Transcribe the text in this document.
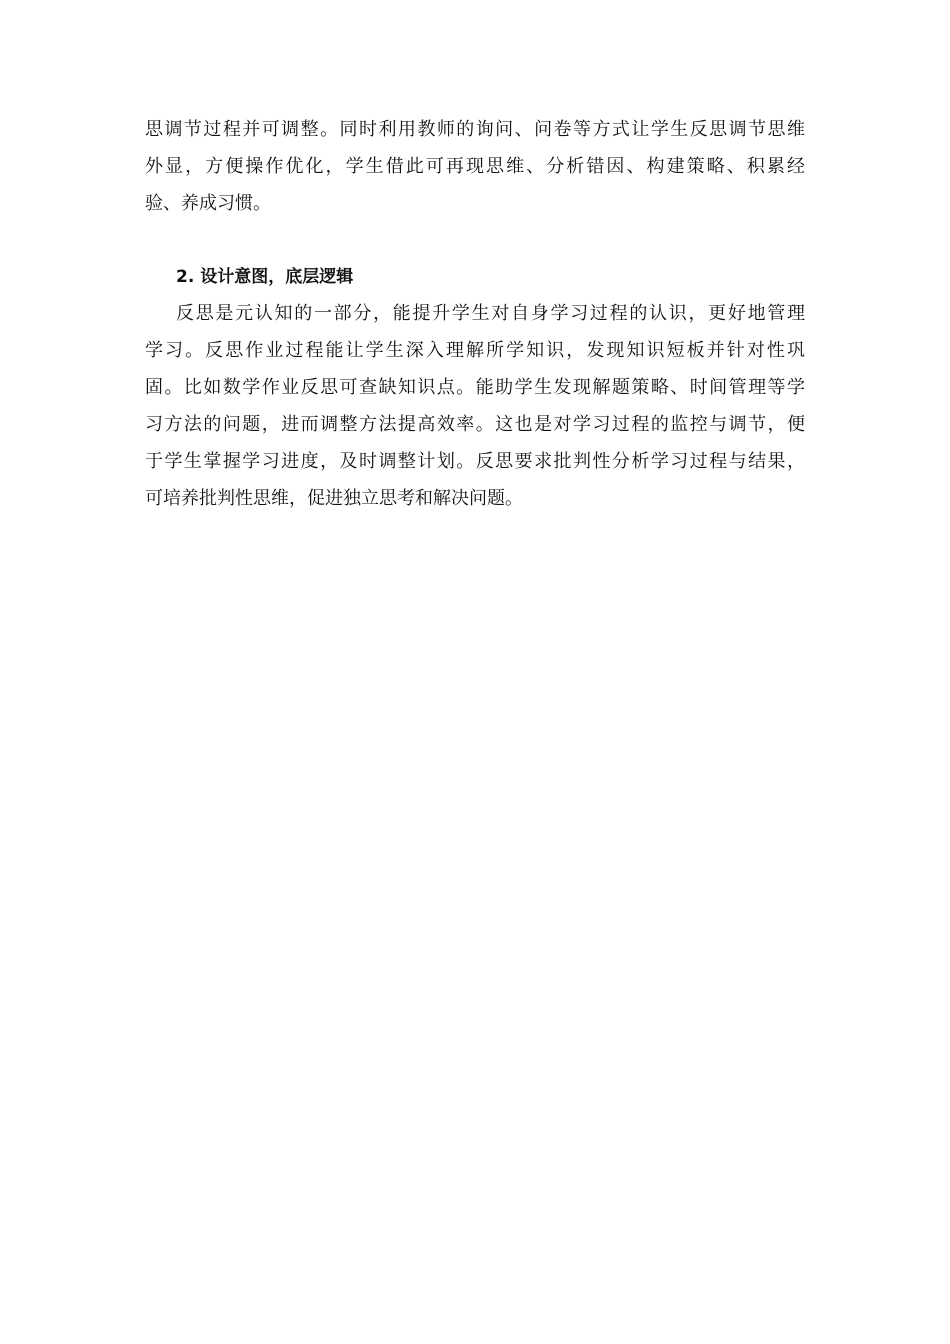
思调节过程并可调整。同时利用教师的询问、问卷等方式让学生反思调节思维
外显，方便操作优化，学生借此可再现思维、分析错因、构建策略、积累经
验、养成习惯。
2. 设计意图，底层逻辑
反思是元认知的一部分，能提升学生对自身学习过程的认识，更好地管理
学习。反思作业过程能让学生深入理解所学知识，发现知识短板并针对性巩
固。比如数学作业反思可查缺知识点。能助学生发现解题策略、时间管理等学
习方法的问题，进而调整方法提高效率。这也是对学习过程的监控与调节，便
于学生掌握学习进度，及时调整计划。反思要求批判性分析学习过程与结果，
可培养批判性思维，促进独立思考和解决问题。
